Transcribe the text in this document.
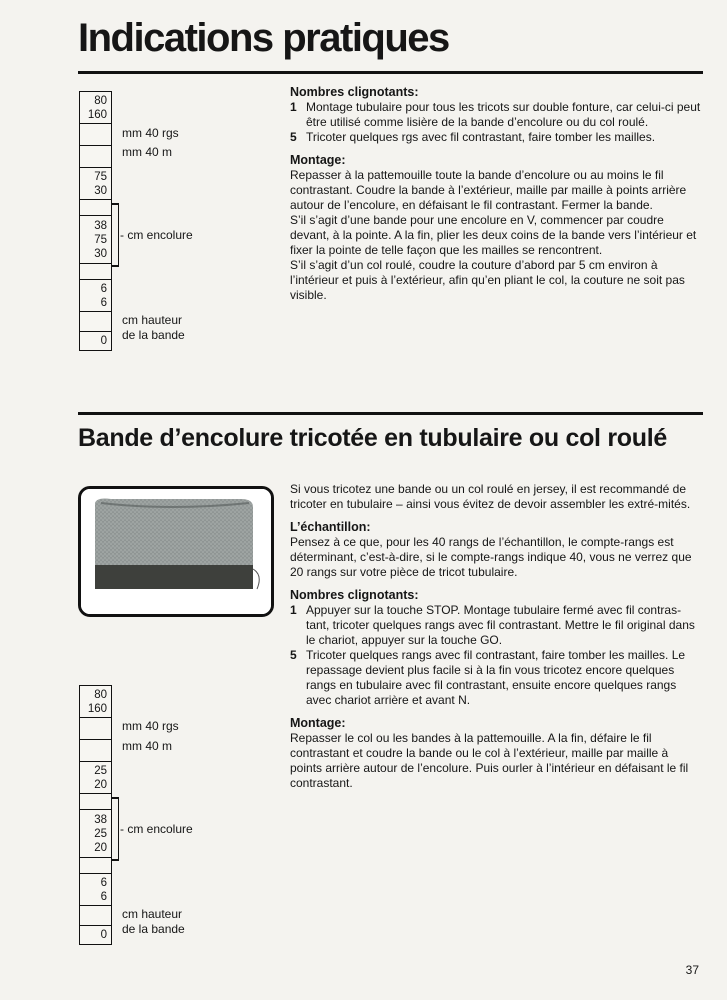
Indications pratiques
80
160
75
30
38
75
30
6
6
0
mm 40 rgs
mm 40 m
- cm encolure
cm hauteur
de la bande
Nombres clignotants:
1 Montage tubulaire pour tous les tricots sur double fonture, car celui-ci peut être utilisé comme lisière de la bande d’encolure ou du col roulé.
5 Tricoter quelques rgs avec fil contrastant, faire tomber les mailles.
Montage:

Repasser à la pattemouille toute la bande d’encolure ou au moins le fil contrastant. Coudre la bande à l’extérieur, maille par maille à points arrière autour de l’encolure, en défaisant le fil contrastant. Fermer la bande.

S’il s’agit d’une bande pour une encolure en V, commencer par coudre devant, à la pointe. A la fin, plier les deux coins de la bande vers l’intérieur et fixer la pointe de telle façon que les mailles se rencontrent.

S’il s’agit d’un col roulé, coudre la couture d’abord par 5 cm environ à l’intérieur et puis à l’extérieur, afin qu’en pliant le col, la couture ne soit pas visible.

Bande d’encolure tricotée en tubulaire ou col roulé

Si vous tricotez une bande ou un col roulé en jersey, il est recommandé de tricoter en tubulaire – ainsi vous évitez de devoir assembler les extré-mités.

L’échantillon:

Pensez à ce que, pour les 40 rangs de l’échantillon, le compte-rangs est déterminant, c’est-à-dire, si le compte-rangs indique 40, vous ne verrez que 20 rangs sur votre pièce de tricot tubulaire.

Nombres clignotants:
1 Appuyer sur la touche STOP. Montage tubulaire fermé avec fil contras-tant, tricoter quelques rangs avec fil contrastant. Mettre le fil original dans le chariot, appuyer sur la touche GO.
5 Tricoter quelques rangs avec fil contrastant, faire tomber les mailles. Le repassage devient plus facile si à la fin vous tricotez encore quelques rangs en tubulaire avec fil contrastant, ensuite encore quelques rangs avec chariot arrière et avant N.
Montage:

Repasser le col ou les bandes à la pattemouille. A la fin, défaire le fil contrastant et coudre la bande ou le col à l’extérieur, maille par maille à points arrière autour de l’encolure. Puis ourler à l’intérieur en défaisant le fil contrastant.

80
160
25
20
38
25
20
6
6
0
mm 40 rgs
mm 40 m
- cm encolure
cm hauteur
de la bande
37
